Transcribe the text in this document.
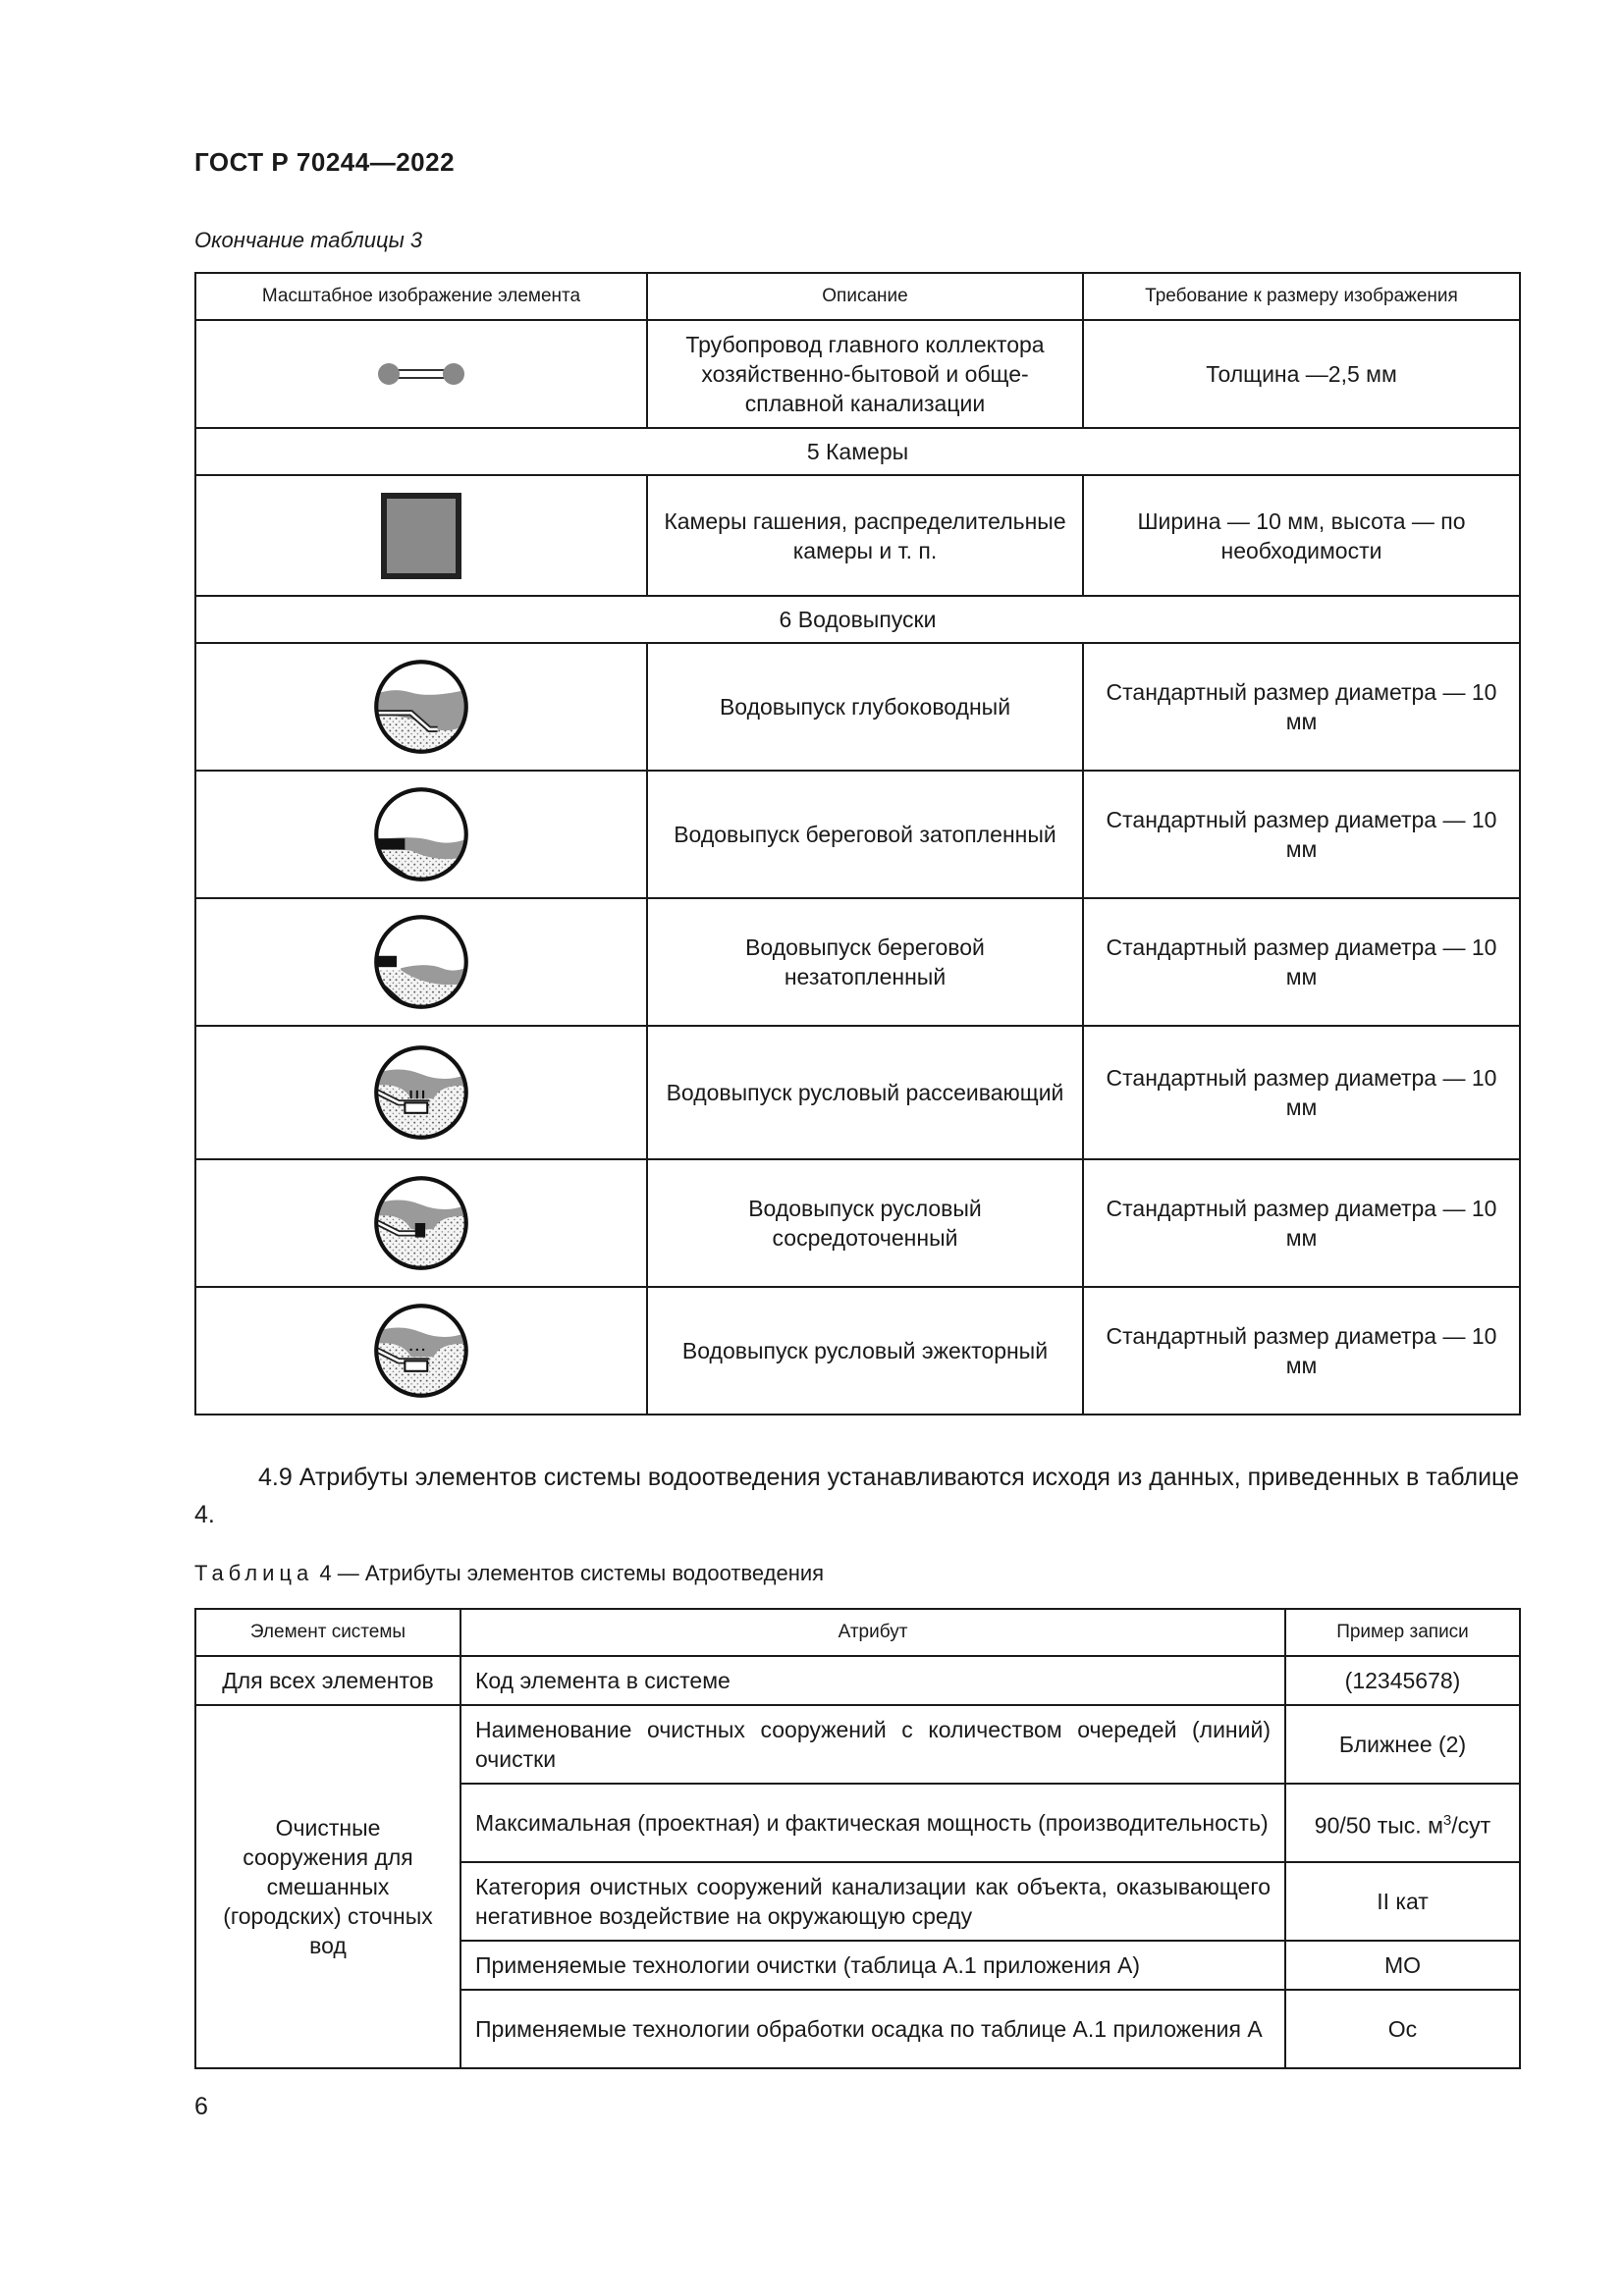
ГОСТ Р 70244—2022
Окончание таблицы 3
Масштабное изображение элемента	Описание	Требование к размеру изображения

	Трубопровод главного коллектора хозяйственно-бытовой и обще-сплавной канализации	Толщина —2,5 мм
5 Камеры		

	Камеры гашения, распределительные камеры и т. п.	Ширина — 10 мм, высота — по необходимости
6 Водовыпуски		

	Водовыпуск глубоководный	Стандартный размер диаметра — 10 мм

	Водовыпуск береговой затопленный	Стандартный размер диаметра — 10 мм

	Водовыпуск береговой незатопленный	Стандартный размер диаметра — 10 мм

	Водовыпуск русловый рассеивающий	Стандартный размер диаметра — 10 мм

	Водовыпуск русловый сосредоточенный	Стандартный размер диаметра — 10 мм

	Водовыпуск русловый эжекторный	Стандартный размер диаметра — 10 мм
4.9 Атрибуты элементов системы водоотведения устанавливаются исходя из данных, приведенных в таблице 4.
Таблица 4 — Атрибуты элементов системы водоотведения
Элемент системы	Атрибут	Пример записи
Для всех элементов	Код элемента в системе	(12345678)
Очистные сооружения для смешанных (городских) сточных вод	Наименование очистных сооружений с количеством очередей (линий) очистки	Ближнее (2)
	Максимальная (проектная) и фактическая мощность (производительность)	90/50 тыс. $м^3$/сут
	Категория очистных сооружений канализации как объекта, оказывающего негативное воздействие на окружающую среду	II кат
	Применяемые технологии очистки (таблица А.1 приложения А)	МО
	Применяемые технологии обработки осадка по таблице А.1 приложения А	Ос
6
